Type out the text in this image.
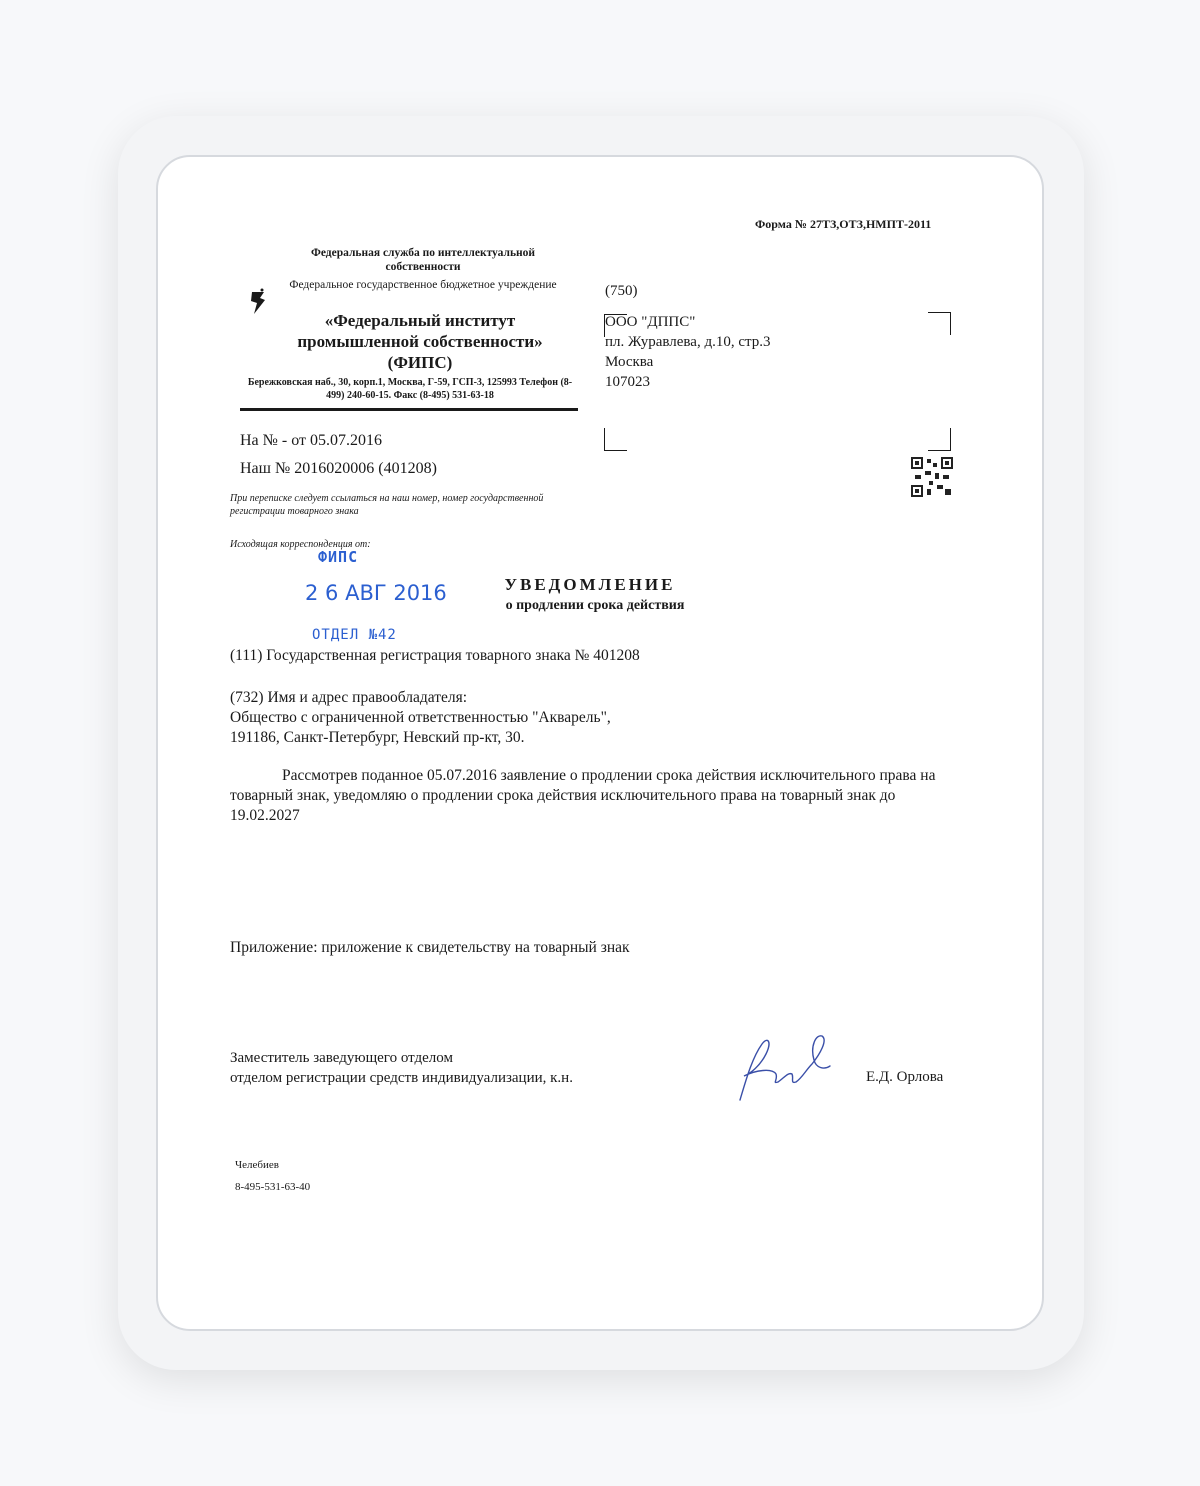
Форма № 27ТЗ,ОТЗ,НМПТ-2011
Федеральная служба по интеллектуальной собственности
Федеральное государственное бюджетное учреждение
«Федеральный институт промышленной собственности» (ФИПС)
Бережковская наб., 30, корп.1, Москва, Г-59, ГСП-3, 125993 Телефон (8-499) 240-60-15. Факс (8-495) 531-63-18
(750)
ООО "ДППС"
пл. Журавлева, д.10, стр.3
Москва
107023
На № - от 05.07.2016
Наш № 2016020006 (401208)
При переписке следует ссылаться на наш номер, номер государственной регистрации товарного знака
Исходящая корреспонденция от:
ФИПС
2 6 АВГ 2016
ОТДЕЛ №42
УВЕДОМЛЕНИЕ
о продлении срока действия
(111) Государственная регистрация товарного знака № 401208
(732) Имя и адрес правообладателя:
Общество с ограниченной ответственностью "Акварель",
191186, Санкт-Петербург, Невский пр-кт, 30.
Рассмотрев поданное 05.07.2016 заявление о продлении срока действия исключительного права на товарный знак, уведомляю о продлении срока действия исключительного права на товарный знак до 19.02.2027
Приложение: приложение к свидетельству на товарный знак
Заместитель заведующего отделом
отделом регистрации средств индивидуализации, к.н.	Е.Д. Орлова
Челебиев
8-495-531-63-40
